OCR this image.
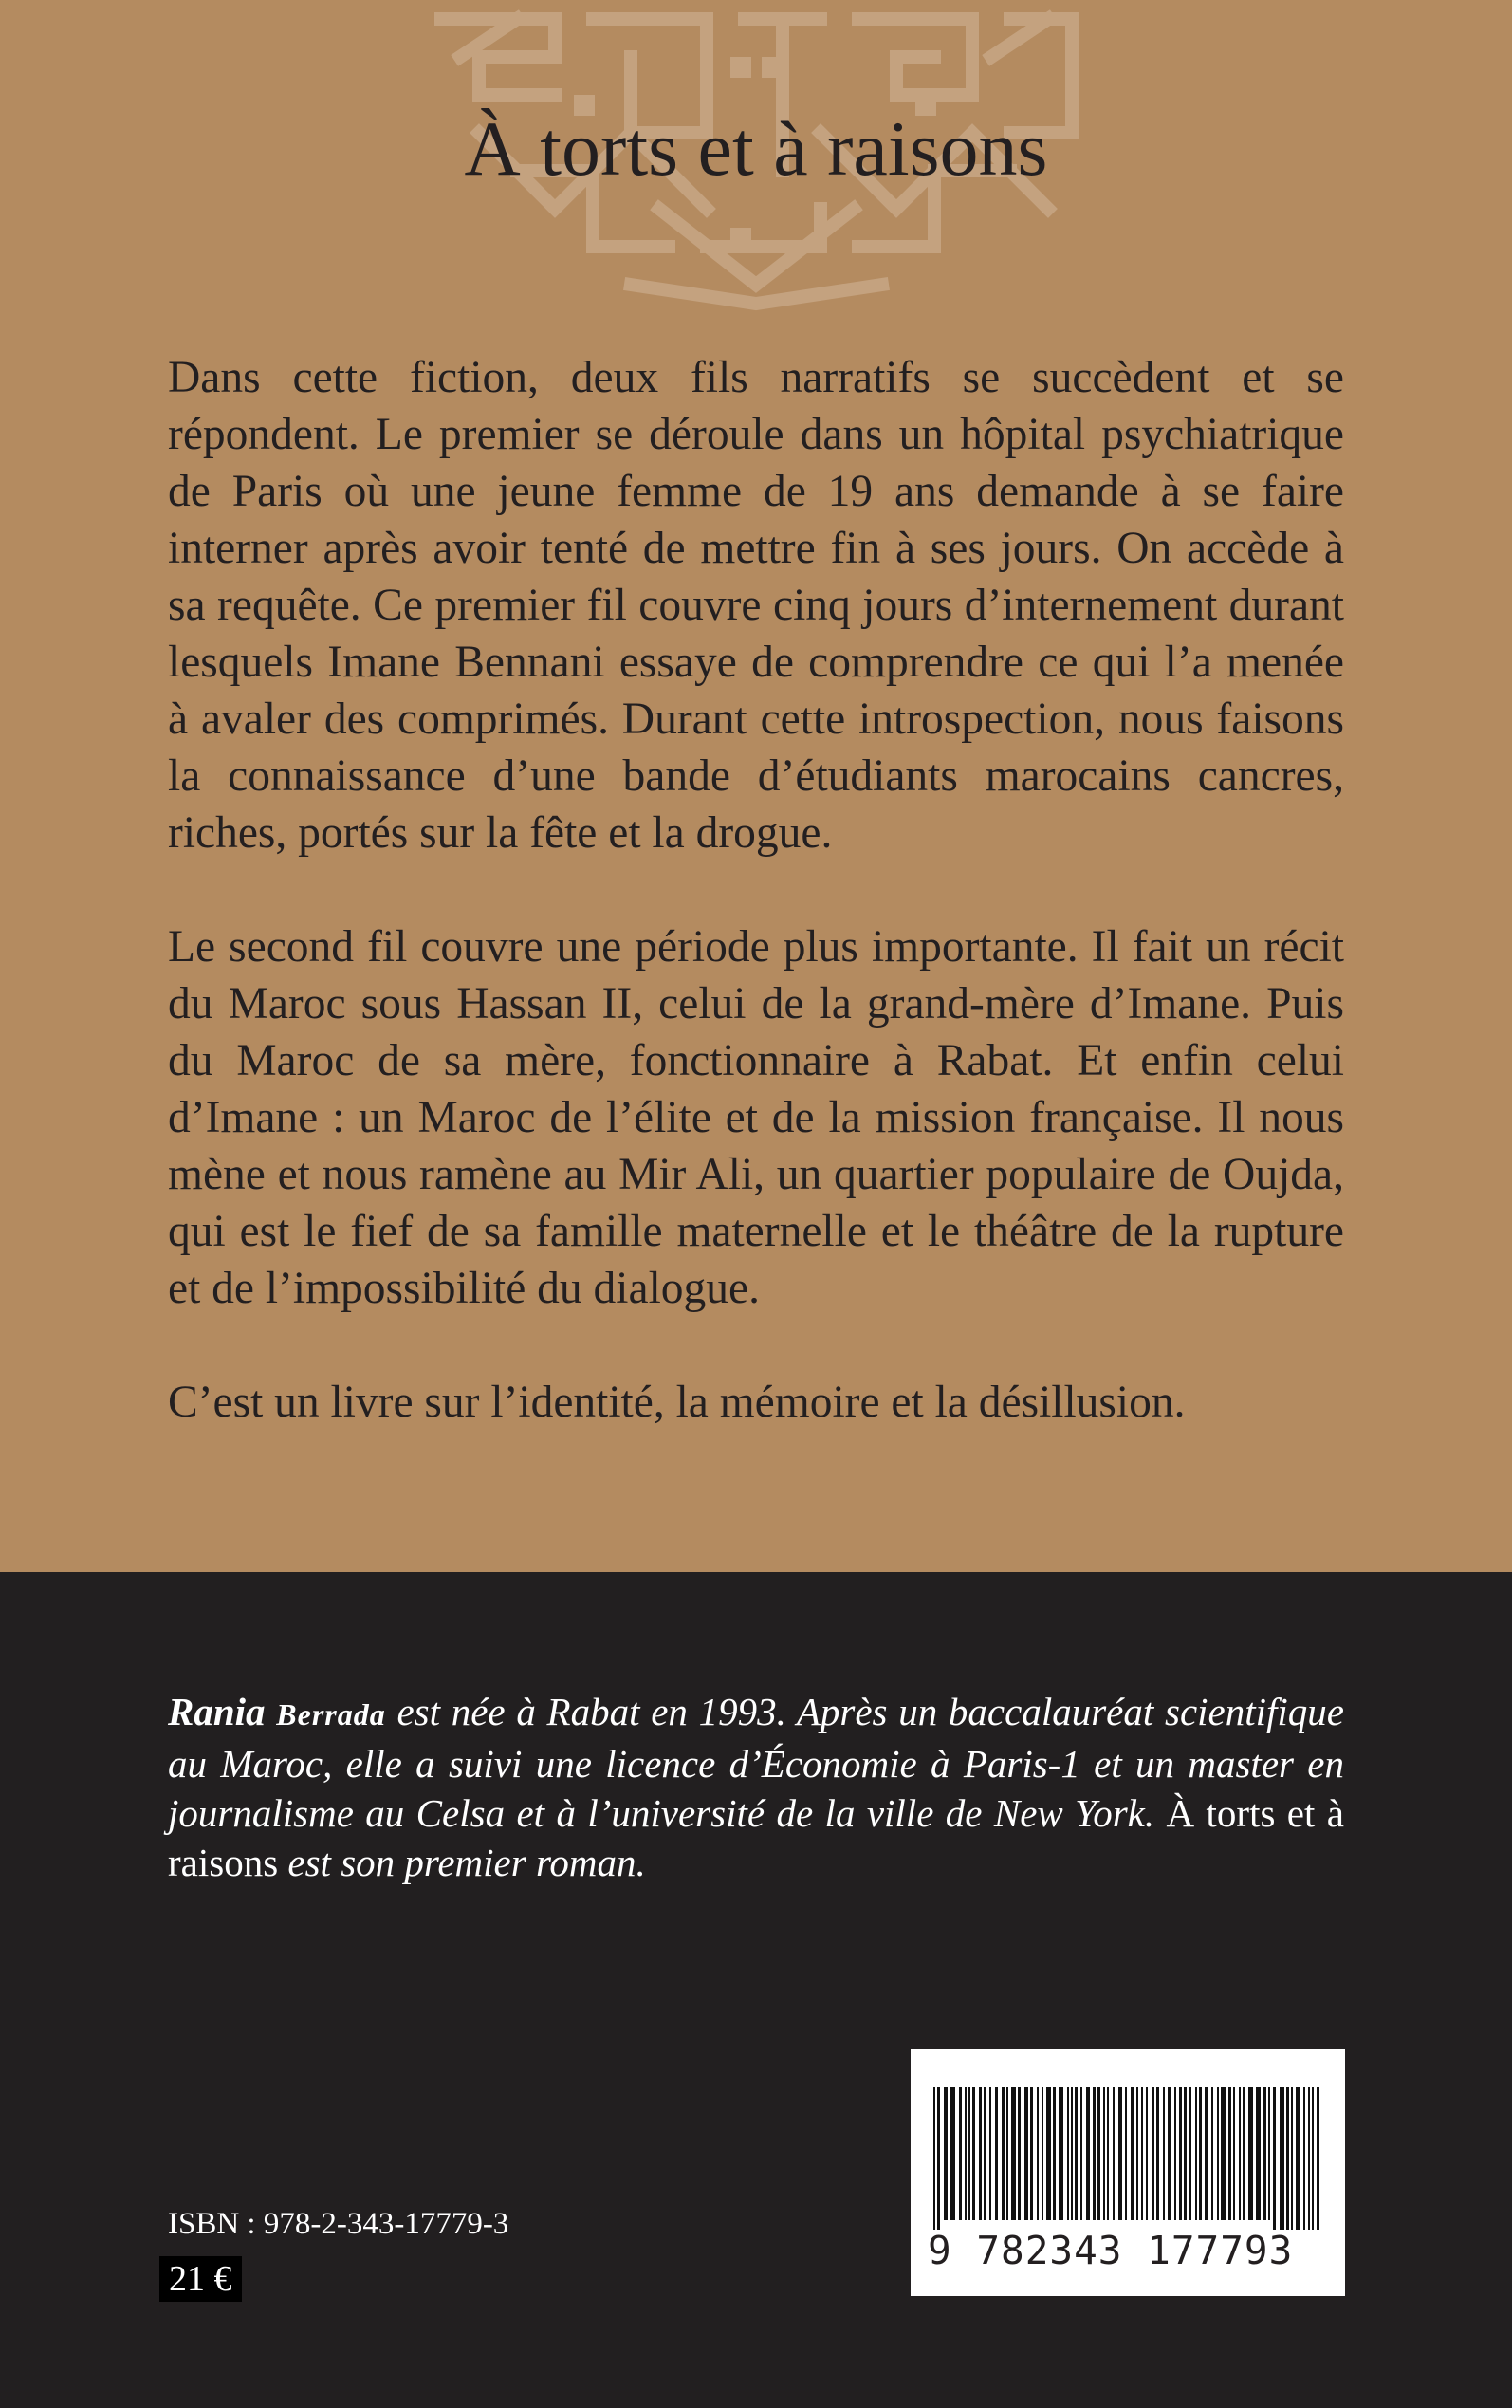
À torts et à raisons

Dans cette fiction, deux fils narratifs se succèdent et se répondent. Le premier se déroule dans un hôpital psychiatrique de Paris où une jeune femme de 19 ans demande à se faire interner après avoir tenté de mettre fin à ses jours. On accède à sa requête. Ce premier fil couvre cinq jours d’internement durant lesquels Imane Bennani essaye de comprendre ce qui l’a menée à avaler des comprimés. Durant cette introspection, nous faisons la connaissance d’une bande d’étudiants marocains cancres, riches, portés sur la fête et la drogue.

Le second fil couvre une période plus importante. Il fait un récit du Maroc sous Hassan II, celui de la grand-mère d’Imane. Puis du Maroc de sa mère, fonctionnaire à Rabat. Et enfin celui d’Imane : un Maroc de l’élite et de la mission française. Il nous mène et nous ramène au Mir Ali, un quartier populaire de Oujda, qui est le fief de sa famille maternelle et le théâtre de la rupture et de l’impossibilité du dialogue.

C’est un livre sur l’identité, la mémoire et la désillusion.

Rania Berrada est née à Rabat en 1993. Après un baccalauréat scientifique au Maroc, elle a suivi une licence d’Économie à Paris-1 et un master en journalisme au Celsa et à l’université de la ville de New York. À torts et à raisons est son premier roman.

9 782343 177793
ISBN : 978-2-343-17779-3
21 €
